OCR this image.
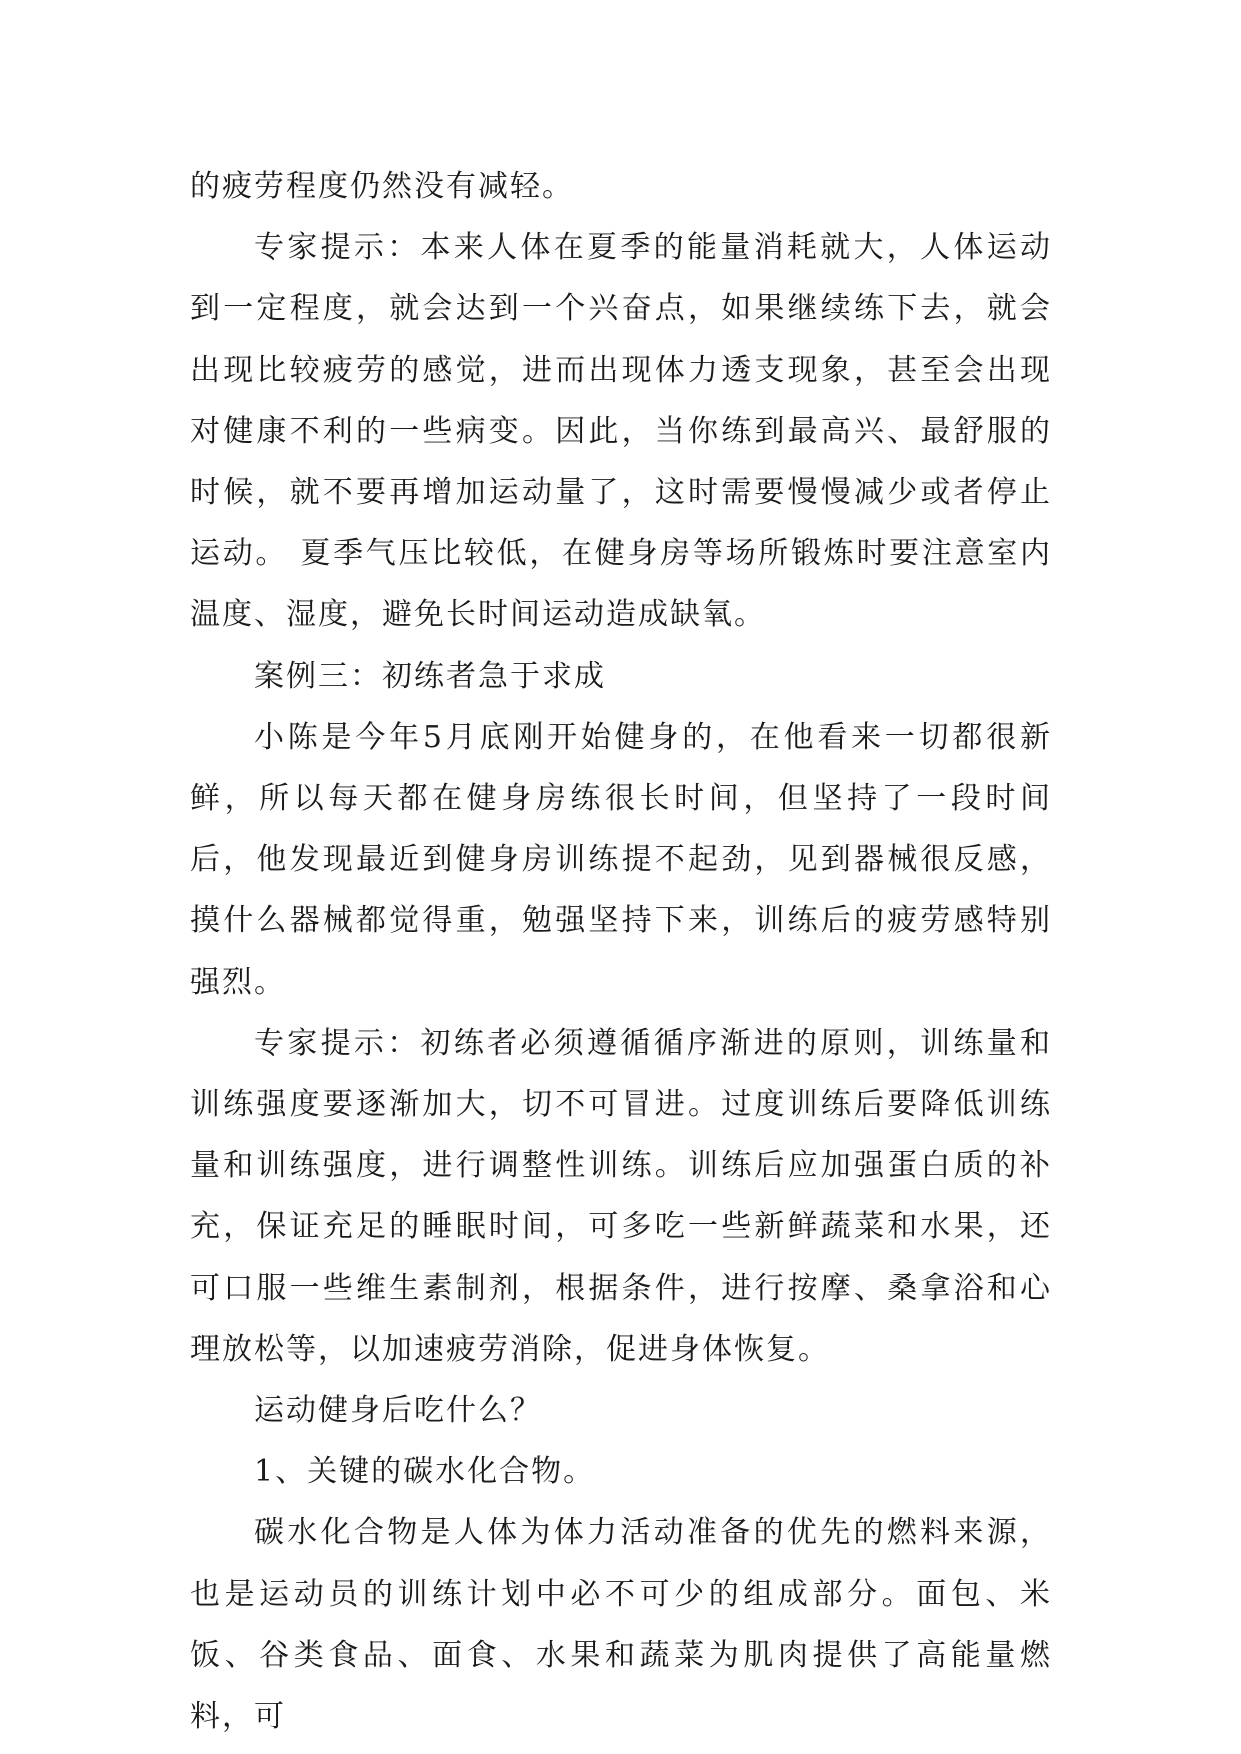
的疲劳程度仍然没有减轻。

专家提示：本来人体在夏季的能量消耗就大，人体运动到一定程度，就会达到一个兴奋点，如果继续练下去，就会出现比较疲劳的感觉，进而出现体力透支现象，甚至会出现对健康不利的一些病变。因此，当你练到最高兴、最舒服的时候，就不要再增加运动量了，这时需要慢慢减少或者停止运动。 夏季气压比较低，在健身房等场所锻炼时要注意室内温度、湿度，避免长时间运动造成缺氧。

案例三：初练者急于求成

小陈是今年5月底刚开始健身的，在他看来一切都很新鲜，所以每天都在健身房练很长时间，但坚持了一段时间后，他发现最近到健身房训练提不起劲，见到器械很反感，摸什么器械都觉得重，勉强坚持下来，训练后的疲劳感特别强烈。

专家提示：初练者必须遵循循序渐进的原则，训练量和训练强度要逐渐加大，切不可冒进。过度训练后要降低训练量和训练强度，进行调整性训练。训练后应加强蛋白质的补充，保证充足的睡眠时间，可多吃一些新鲜蔬菜和水果，还可口服一些维生素制剂，根据条件，进行按摩、桑拿浴和心理放松等，以加速疲劳消除，促进身体恢复。

运动健身后吃什么？

1、关键的碳水化合物。

碳水化合物是人体为体力活动准备的优先的燃料来源，也是运动员的训练计划中必不可少的组成部分。面包、米饭、谷类食品、面食、水果和蔬菜为肌肉提供了高能量燃料，可
